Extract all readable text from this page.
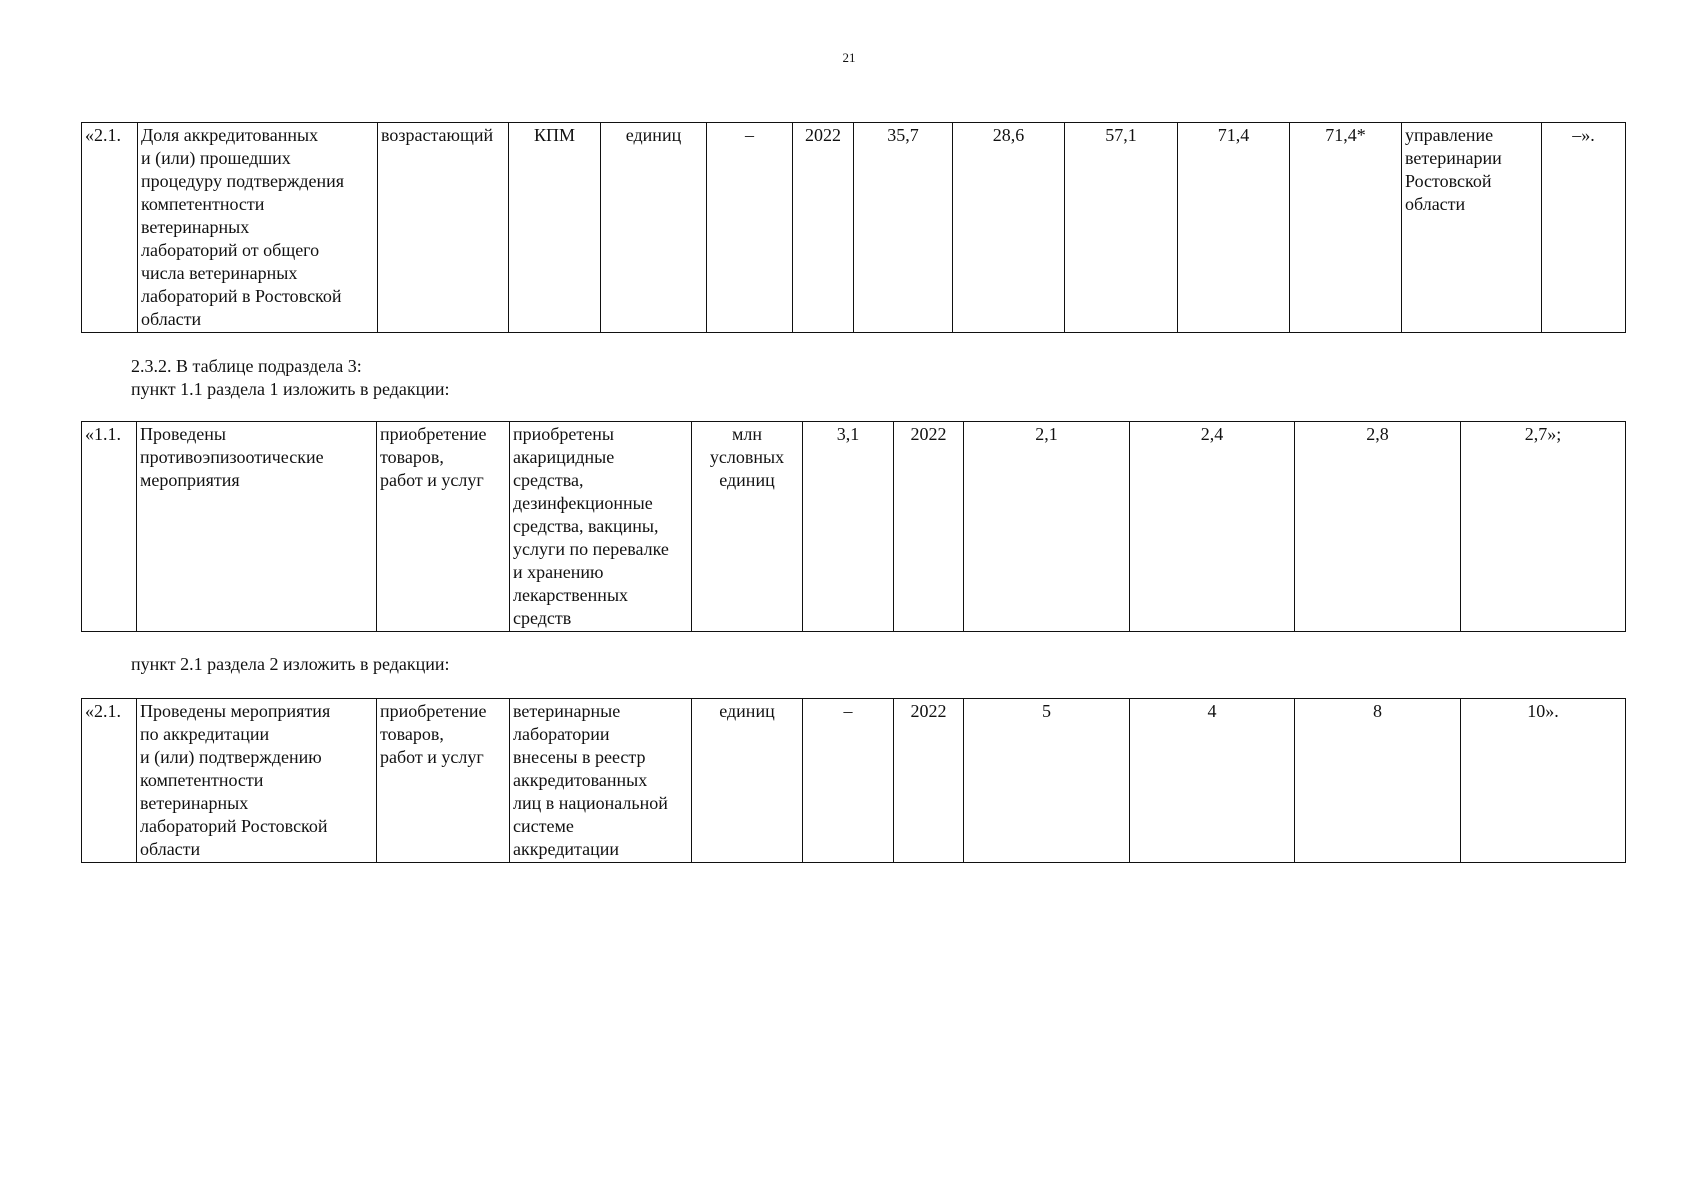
21
«2.1.	Доля аккредитованных
и (или) прошедших
процедуру подтверждения
компетентности
ветеринарных
лабораторий от общего
числа ветеринарных
лабораторий в Ростовской
области	возрастающий	КПМ	единиц	–	2022	35,7	28,6	57,1	71,4	71,4*	управление
ветеринарии
Ростовской
области	–».
2.3.2. В таблице подраздела 3:
пункт 1.1 раздела 1 изложить в редакции:
«1.1.	Проведены
противоэпизоотические
мероприятия	приобретение
товаров,
работ и услуг	приобретены
акарицидные
средства,
дезинфекционные
средства, вакцины,
услуги по перевалке
и хранению
лекарственных
средств	млн
условных
единиц	3,1	2022	2,1	2,4	2,8	2,7»;
пункт 2.1 раздела 2 изложить в редакции:
«2.1.	Проведены мероприятия
по аккредитации
и (или) подтверждению
компетентности
ветеринарных
лабораторий Ростовской
области	приобретение
товаров,
работ и услуг	ветеринарные
лаборатории
внесены в реестр
аккредитованных
лиц в национальной
системе
аккредитации	единиц	–	2022	5	4	8	10».
